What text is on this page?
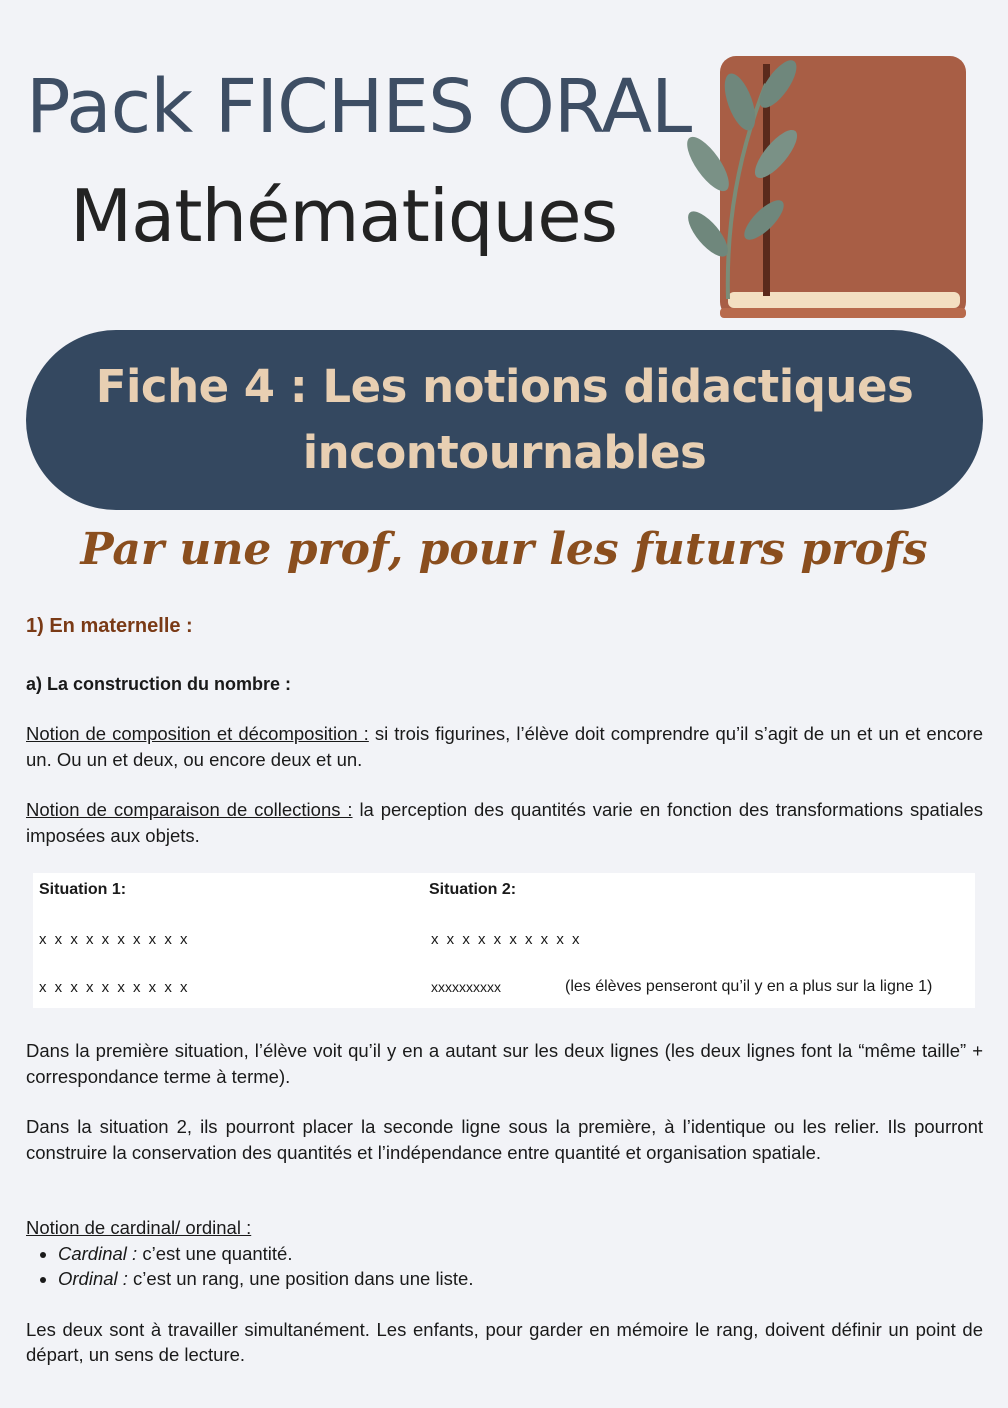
Pack FICHES ORAL
Mathématiques
Fiche 4 : Les notions didactiques
incontournables
Par une prof, pour les futurs profs
1) En maternelle :
a) La construction du nombre :

Notion de composition et décomposition : si trois figurines, l’élève doit comprendre qu’il s’agit de un et un et encore un. Ou un et deux, ou encore deux et un.

Notion de comparaison de collections : la perception des quantités varie en fonction des transformations spatiales imposées aux objets.

Situation 1:	Situation 2:
x x x x x x x x x x	x x x x x x x x x x
x x x x x x x x x x	xxxxxxxxxx	(les élèves penseront qu’il y en a plus sur la ligne 1)

Dans la première situation, l’élève voit qu’il y en a autant sur les deux lignes (les deux lignes font la “même taille” + correspondance terme à terme).

Dans la situation 2, ils pourront placer la seconde ligne sous la première, à l’identique ou les relier. Ils pourront construire la conservation des quantités et l’indépendance entre quantité et organisation spatiale.

Notion de cardinal/ ordinal :
• Cardinal : c’est une quantité.
• Ordinal : c’est un rang, une position dans une liste.

Les deux sont à travailler simultanément. Les enfants, pour garder en mémoire le rang, doivent définir un point de départ, un sens de lecture.
